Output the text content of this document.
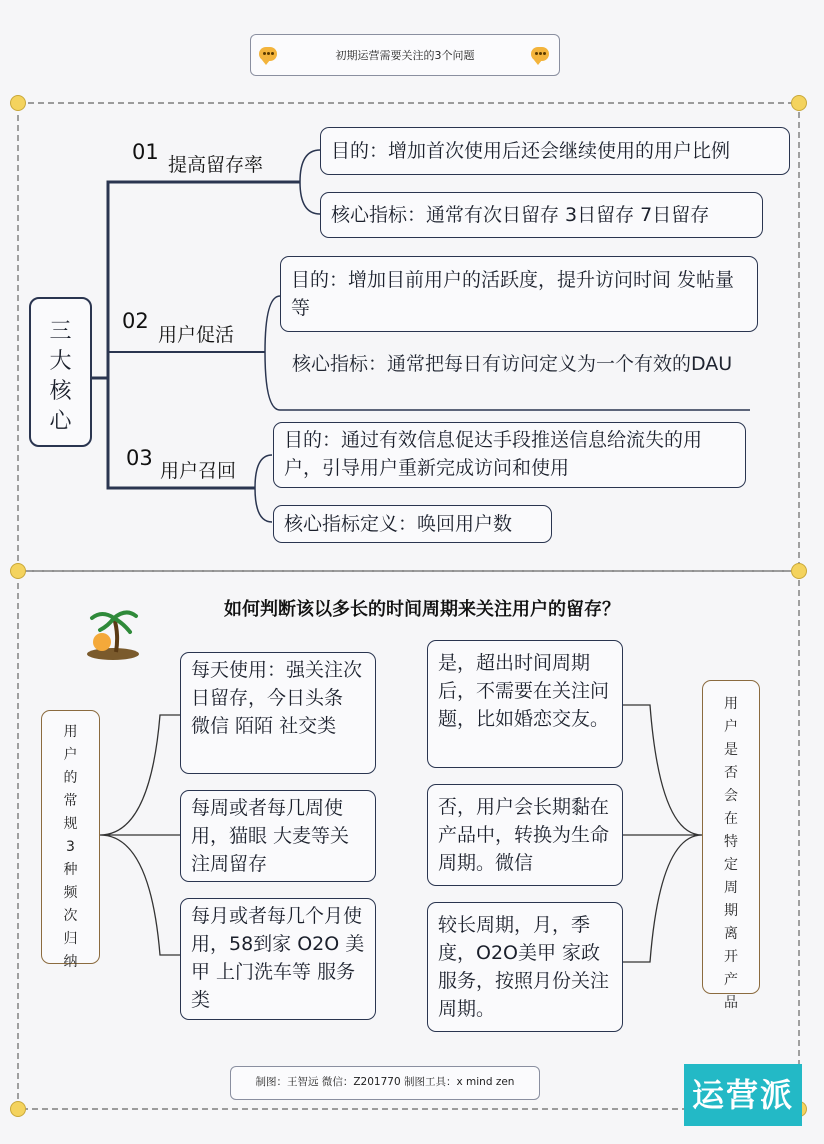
初期运营需要关注的3个问题
三大核心
01
提高留存率
目的：增加首次使用后还会继续使用的用户比例
核心指标：通常有次日留存 3日留存 7日留存
02
用户促活
目的：增加目前用户的活跃度，提升访问时间 发帖量等
核心指标：通常把每日有访问定义为一个有效的DAU
03
用户召回
目的：通过有效信息促达手段推送信息给流失的用户，引导用户重新完成访问和使用
核心指标定义：唤回用户数
如何判断该以多长的时间周期来关注用户的留存？
用户的常规3种频次归纳
用户是否会在特定周期离开产品
每天使用：强关注次日留存，今日头条 微信 陌陌 社交类
每周或者每几周使用，猫眼 大麦等关注周留存
每月或者每几个月使用，58到家 O2O 美甲 上门洗车等 服务类
是，超出时间周期后，不需要在关注问题，比如婚恋交友。
否，用户会长期黏在产品中，转换为生命周期。微信
较长周期，月，季度，O2O美甲 家政服务，按照月份关注周期。
制图：王智远 微信：Z201770 制图工具：x mind zen	运营派
